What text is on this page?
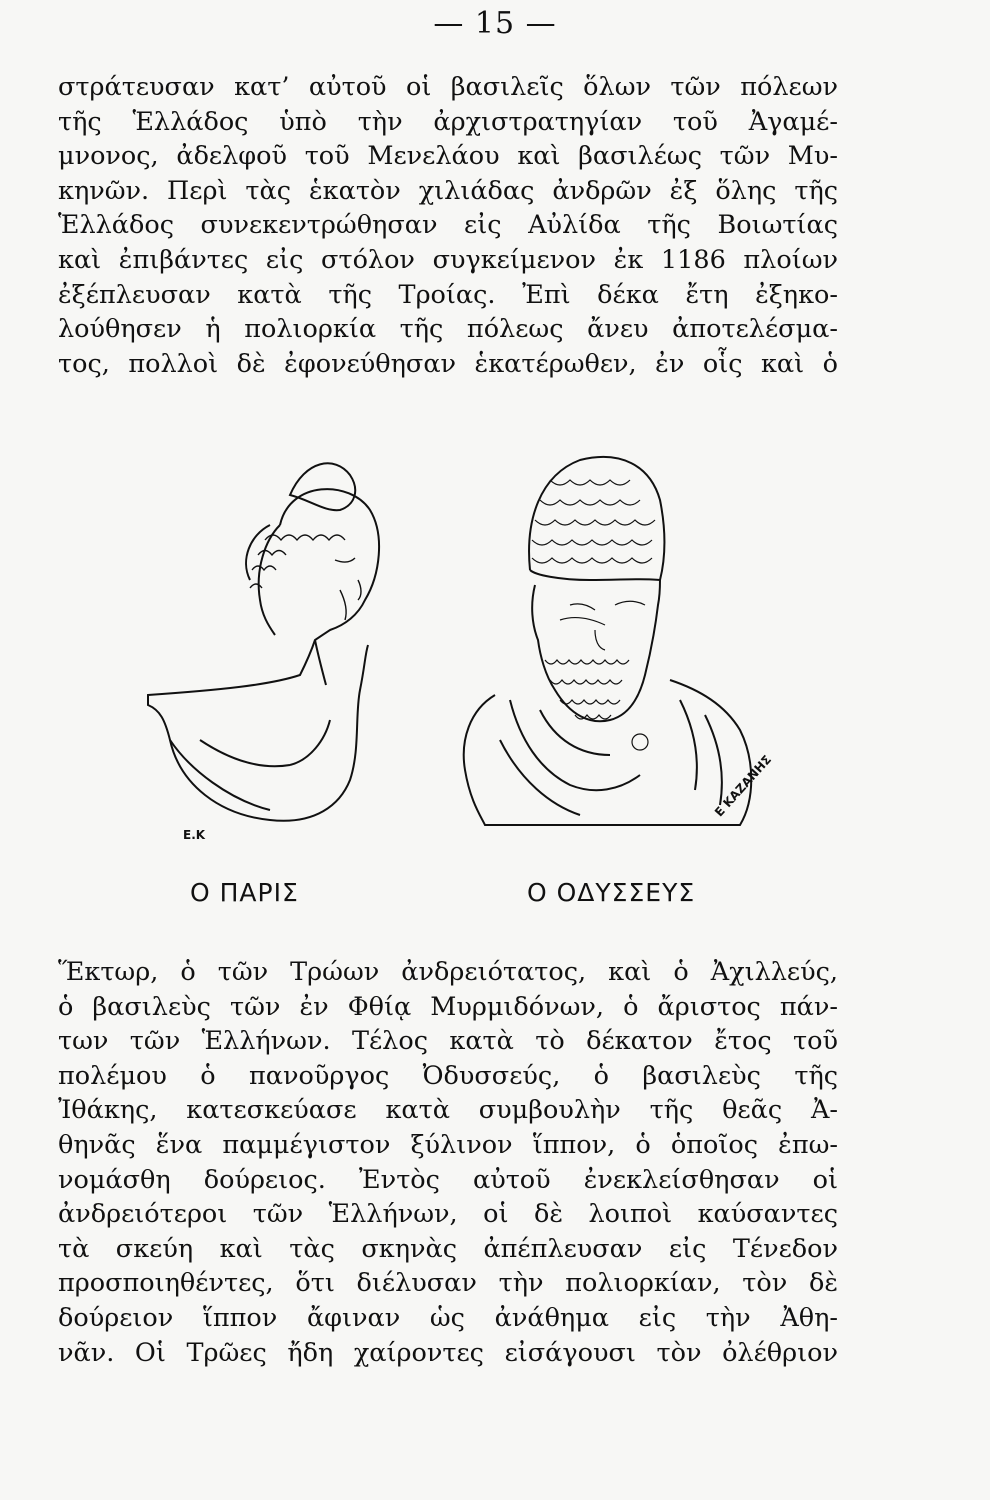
— 15 —
στράτευσαν κατ’ αὐτοῦ οἱ βασιλεῖς ὅλων τῶν πόλεων
τῆς Ἑλλάδος ὑπὸ τὴν ἀρχιστρατηγίαν τοῦ Ἀγαμέ-
μνονος, ἀδελφοῦ τοῦ Μενελάου καὶ βασιλέως τῶν Μυ-
κηνῶν. Περὶ τὰς ἑκατὸν χιλιάδας ἀνδρῶν ἐξ ὅλης τῆς
Ἑλλάδος συνεκεντρώθησαν εἰς Αὐλίδα τῆς Βοιωτίας
καὶ ἐπιβάντες εἰς στόλον συγκείμενον ἐκ 1186 πλοίων
ἐξέπλευσαν κατὰ τῆς Τροίας. Ἐπὶ δέκα ἔτη ἐξηκο-
λούθησεν ἡ πολιορκία τῆς πόλεως ἄνευ ἀποτελέσμα-
τος, πολλοὶ δὲ ἐφονεύθησαν ἑκατέρωθεν, ἐν οἷς καὶ ὁ
E.K
Ε ΚΑΖΑΝΗΣ
Ο ΠΑΡΙΣ	Ο ΟΔΥΣΣΕΥΣ
Ἕκτωρ, ὁ τῶν Τρώων ἀνδρειότατος, καὶ ὁ Ἀχιλλεύς,
ὁ βασιλεὺς τῶν ἐν Φθίᾳ Μυρμιδόνων, ὁ ἄριστος πάν-
των τῶν Ἑλλήνων. Τέλος κατὰ τὸ δέκατον ἔτος τοῦ
πολέμου ὁ πανοῦργος Ὀδυσσεύς, ὁ βασιλεὺς τῆς
Ἰθάκης, κατεσκεύασε κατὰ συμβουλὴν τῆς θεᾶς Ἀ-
θηνᾶς ἕνα παμμέγιστον ξύλινον ἵππον, ὁ ὁποῖος ἐπω-
νομάσθη δούρειος. Ἐντὸς αὐτοῦ ἐνεκλείσθησαν οἱ
ἀνδρειότεροι τῶν Ἑλλήνων, οἱ δὲ λοιποὶ καύσαντες
τὰ σκεύη καὶ τὰς σκηνὰς ἀπέπλευσαν εἰς Τένεδον
προσποιηθέντες, ὅτι διέλυσαν τὴν πολιορκίαν, τὸν δὲ
δούρειον ἵππον ἄφιναν ὡς ἀνάθημα εἰς τὴν Ἀθη-
νᾶν. Οἱ Τρῶες ἤδη χαίροντες εἰσάγουσι τὸν ὀλέθριον
